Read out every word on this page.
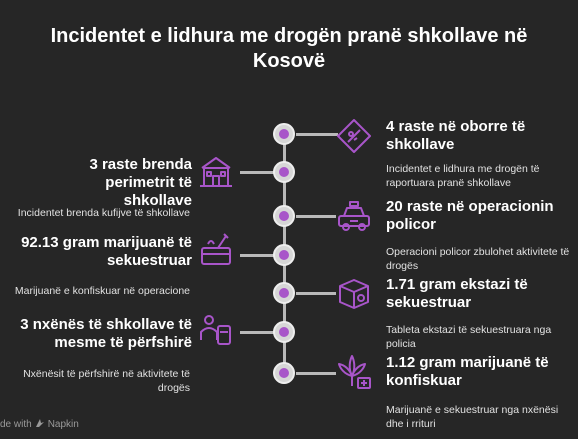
Incidentet e lidhura me drogën pranë shkollave në Kosovë
4 raste në oborre të shkollave
Incidentet e lidhura me drogën të raportuara pranë shkollave
3 raste brenda perimetrit të shkollave
Incidentet brenda kufijve të shkollave	20 raste në operacionin policor
Operacioni policor zbulohet aktivitete të drogës
92.13 gram marijuanë të sekuestruar
Marijuanë e konfiskuar në operacione	1.71 gram ekstazi të sekuestruar
Tableta ekstazi të sekuestruara nga policia
3 nxënës të shkollave të mesme të përfshirë
Nxënësit të përfshirë në aktivitete të drogës
1.12 gram marijuanë të konfiskuar
Marijuanë e sekuestruar nga nxënësi dhe i rrituri
de with Napkin
